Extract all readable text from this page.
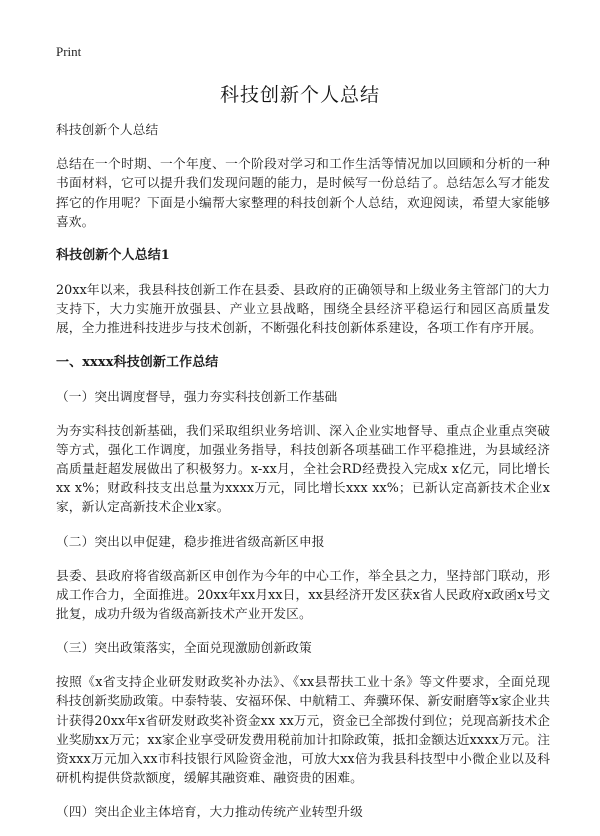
Print
科技创新个人总结

科技创新个人总结

总结在一个时期、一个年度、一个阶段对学习和工作生活等情况加以回顾和分析的一种书面材料，它可以提升我们发现问题的能力，是时候写一份总结了。总结怎么写才能发挥它的作用呢？下面是小编帮大家整理的科技创新个人总结，欢迎阅读，希望大家能够喜欢。

科技创新个人总结1

20xx年以来，我县科技创新工作在县委、县政府的正确领导和上级业务主管部门的大力支持下，大力实施开放强县、产业立县战略，围绕全县经济平稳运行和园区高质量发展，全力推进科技进步与技术创新，不断强化科技创新体系建设，各项工作有序开展。

一、xxxx科技创新工作总结
（一）突出调度督导，强力夯实科技创新工作基础

为夯实科技创新基础，我们采取组织业务培训、深入企业实地督导、重点企业重点突破等方式，强化工作调度，加强业务指导，科技创新各项基础工作平稳推进，为县域经济高质量赶超发展做出了积极努力。x-xx月，全社会RD经费投入完成x x亿元，同比增长xx x%；财政科技支出总量为xxxx万元，同比增长xxx xx%；已新认定高新技术企业x家，新认定高新技术企业x家。

（二）突出以申促建，稳步推进省级高新区申报

县委、县政府将省级高新区申创作为今年的中心工作，举全县之力，坚持部门联动，形成工作合力，全面推进。20xx年xx月xx日，xx县经济开发区获x省人民政府x政函x号文批复，成功升级为省级高新技术产业开发区。

（三）突出政策落实，全面兑现激励创新政策

按照《x省支持企业研发财政奖补办法》、《xx县帮扶工业十条》等文件要求，全面兑现科技创新奖励政策。中泰特装、安福环保、中航精工、奔骥环保、新安耐磨等x家企业共计获得20xx年x省研发财政奖补资金xx xx万元，资金已全部拨付到位；兑现高新技术企业奖励xx万元；xx家企业享受研发费用税前加计扣除政策，抵扣金额达近xxxx万元。注资xxx万元加入xx市科技银行风险资金池，可放大xx倍为我县科技型中小微企业以及科研机构提供贷款额度，缓解其融资难、融资贵的困难。

（四）突出企业主体培育，大力推动传统产业转型升级
